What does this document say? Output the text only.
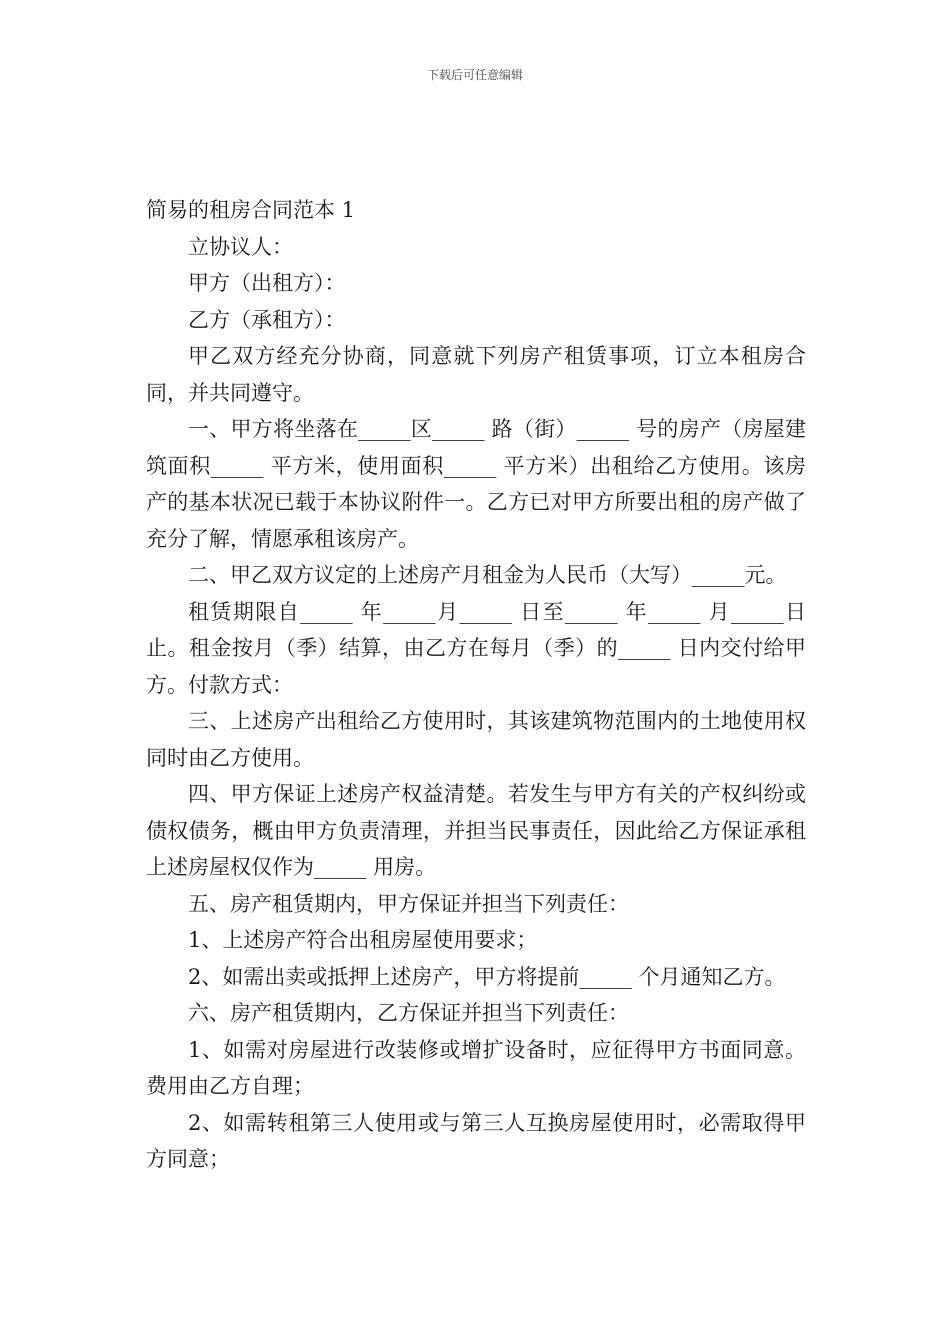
下载后可任意编辑

简易的租房合同范本 1

立协议人：

甲方（出租方）：

乙方（承租方）：

甲乙双方经充分协商，同意就下列房产租赁事项，订立本租房合同，并共同遵守。

一、甲方将坐落在_____区_____ 路（街）_____ 号的房产（房屋建筑面积_____ 平方米，使用面积_____ 平方米）出租给乙方使用。该房产的基本状况已载于本协议附件一。乙方已对甲方所要出租的房产做了充分了解，情愿承租该房产。

二、甲乙双方议定的上述房产月租金为人民币（大写）_____元。

租赁期限自_____ 年_____月_____ 日至_____ 年_____ 月_____日止。租金按月（季）结算，由乙方在每月（季）的_____ 日内交付给甲方。付款方式：

三、上述房产出租给乙方使用时，其该建筑物范围内的土地使用权同时由乙方使用。

四、甲方保证上述房产权益清楚。若发生与甲方有关的产权纠纷或债权债务，概由甲方负责清理，并担当民事责任，因此给乙方保证承租上述房屋权仅作为_____ 用房。

五、房产租赁期内，甲方保证并担当下列责任：

1、上述房产符合出租房屋使用要求；

2、如需出卖或抵押上述房产，甲方将提前_____ 个月通知乙方。

六、房产租赁期内，乙方保证并担当下列责任：

1、如需对房屋进行改装修或增扩设备时，应征得甲方书面同意。费用由乙方自理；

2、如需转租第三人使用或与第三人互换房屋使用时，必需取得甲方同意；
